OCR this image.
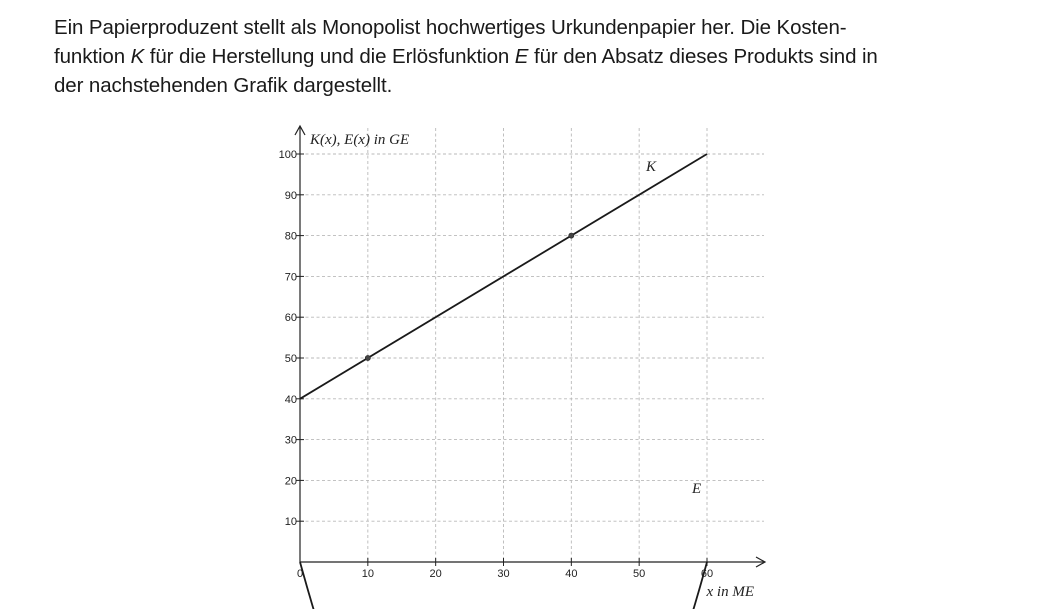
Ein Papierproduzent stellt als Monopolist hochwertiges Urkundenpapier her. Die Kosten-

funktion K für die Herstellung und die Erlösfunktion E für den Absatz dieses Produkts sind in

der nachstehenden Grafik dargestellt.

10
20
30
40
50
60
70
80
90
100
0	10	20	30	40	50	60
K(x), E(x) in GE
x in ME
K
E
